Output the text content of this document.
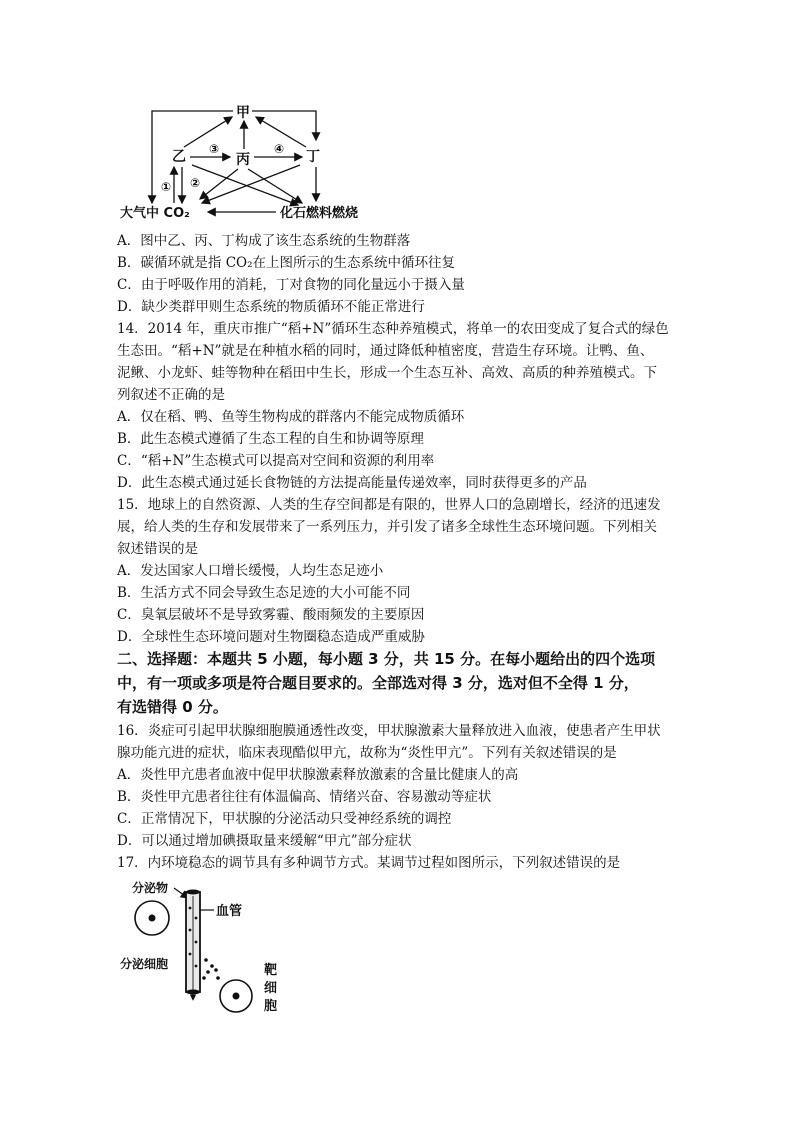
甲
乙	丙	丁
③	④
① ②
大气中 CO₂	化石燃料燃烧
A．图中乙、丙、丁构成了该生态系统的生物群落
B．碳循环就是指 CO₂在上图所示的生态系统中循环往复
C．由于呼吸作用的消耗，丁对食物的同化量远小于摄入量
D．缺少类群甲则生态系统的物质循环不能正常进行
14．2014 年，重庆市推广“稻+N”循环生态种养殖模式，将单一的农田变成了复合式的绿色
生态田。“稻+N”就是在种植水稻的同时，通过降低种植密度，营造生存环境。让鸭、鱼、
泥鳅、小龙虾、蛙等物种在稻田中生长，形成一个生态互补、高效、高质的种养殖模式。下
列叙述不正确的是
A．仅在稻、鸭、鱼等生物构成的群落内不能完成物质循环
B．此生态模式遵循了生态工程的自生和协调等原理
C．“稻+N”生态模式可以提高对空间和资源的利用率
D．此生态模式通过延长食物链的方法提高能量传递效率，同时获得更多的产品
15．地球上的自然资源、人类的生存空间都是有限的，世界人口的急剧增长，经济的迅速发
展，给人类的生存和发展带来了一系列压力，并引发了诸多全球性生态环境问题。下列相关
叙述错误的是
A．发达国家人口增长缓慢，人均生态足迹小
B．生活方式不同会导致生态足迹的大小可能不同
C．臭氧层破坏不是导致雾霾、酸雨频发的主要原因
D．全球性生态环境问题对生物圈稳态造成严重威胁
二、选择题：本题共 5 小题，每小题 3 分，共 15 分。在每小题给出的四个选项
中，有一项或多项是符合题目要求的。全部选对得 3 分，选对但不全得 1 分，
有选错得 0 分。
16．炎症可引起甲状腺细胞膜通透性改变，甲状腺激素大量释放进入血液，使患者产生甲状
腺功能亢进的症状，临床表现酷似甲亢，故称为“炎性甲亢”。下列有关叙述错误的是
A．炎性甲亢患者血液中促甲状腺激素释放激素的含量比健康人的高
B．炎性甲亢患者往往有体温偏高、情绪兴奋、容易激动等症状
C．正常情况下，甲状腺的分泌活动只受神经系统的调控
D．可以通过增加碘摄取量来缓解“甲亢”部分症状
17．内环境稳态的调节具有多种调节方式。某调节过程如图所示，下列叙述错误的是
分泌物
血管
分泌细胞	靶
细
胞
